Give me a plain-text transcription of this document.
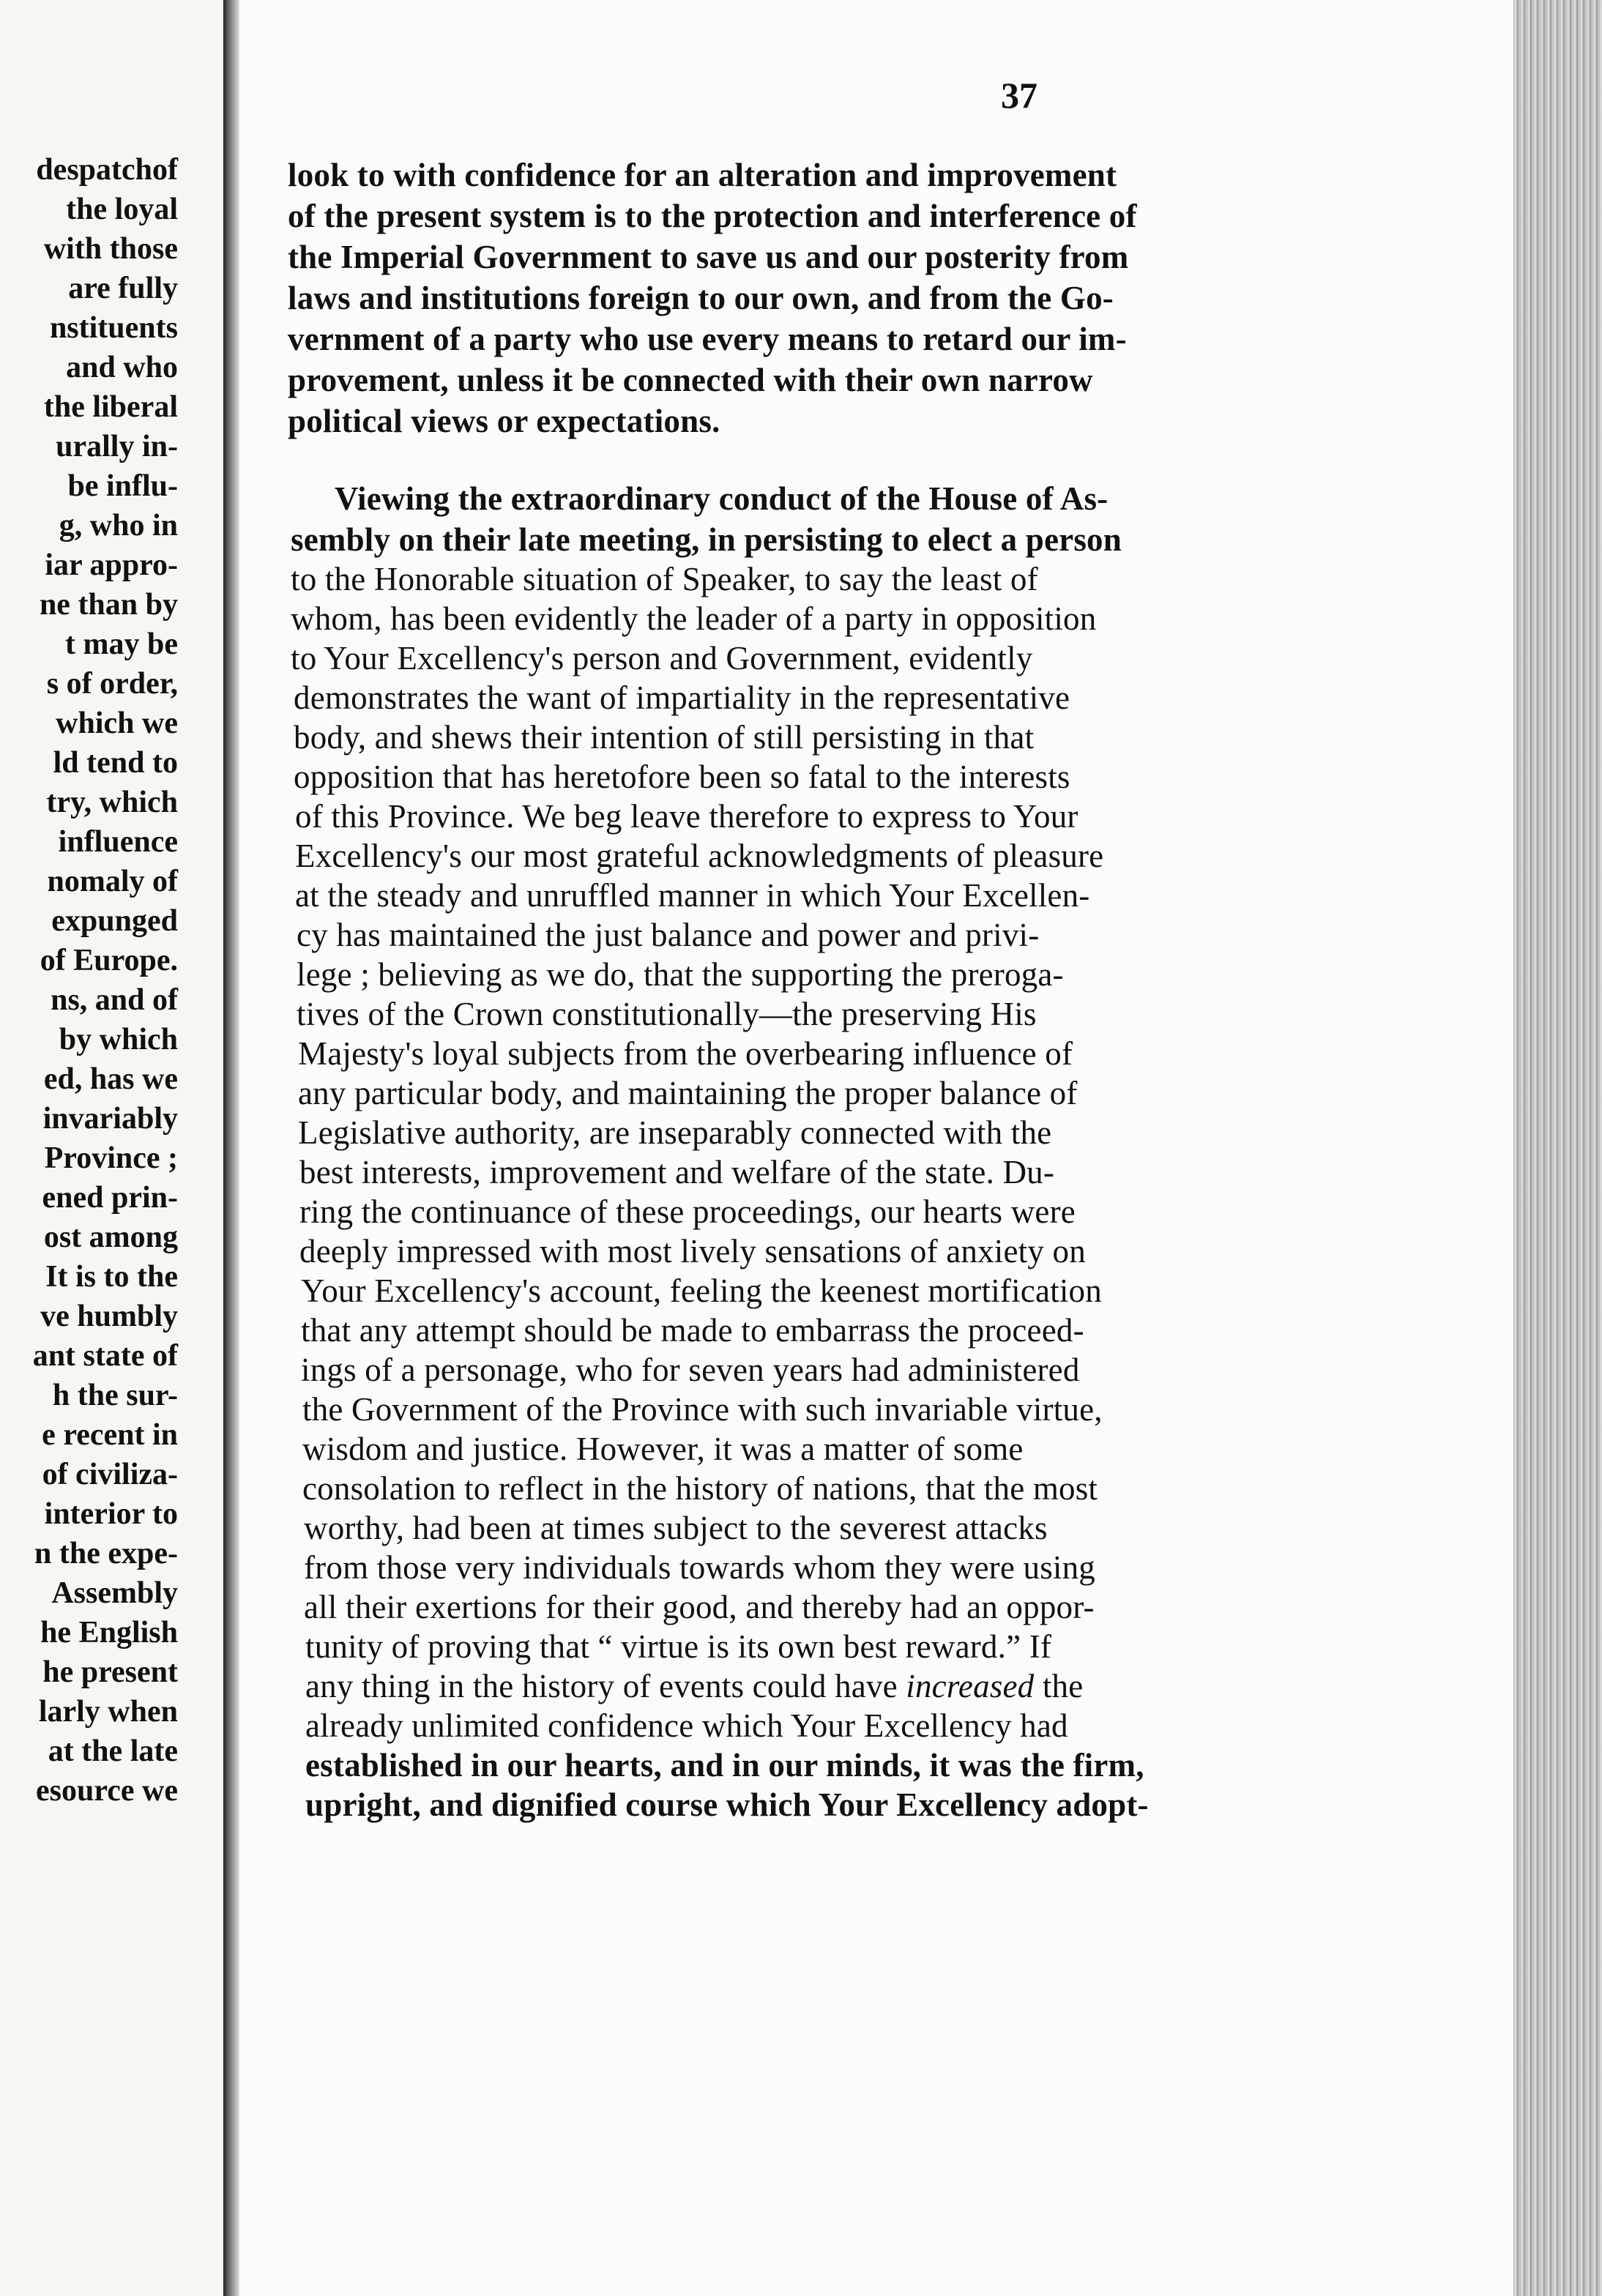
despatchof
the loyal
with those
are fully
nstituents
and who
the liberal
urally in-
be influ-
g, who in
iar appro-
ne than by
t may be
s of order,
which we
ld tend to
try, which
influence
nomaly of
expunged
of Europe.
ns, and of
by which
ed, has we
invariably
Province ;
ened prin-
ost among
It is to the
ve humbly
ant state of
h the sur-
e recent in
of civiliza-
interior to
n the expe-
Assembly
he English
he present
larly when
at the late
esource we
37
look to with confidence for an alteration and improvement
of the present system is to the protection and interference of
the Imperial Government to save us and our posterity from
laws and institutions foreign to our own, and from the Go-
vernment of a party who use every means to retard our im-
provement, unless it be connected with their own narrow
political views or expectations.
Viewing the extraordinary conduct of the House of As-
sembly on their late meeting, in persisting to elect a person
to the Honorable situation of Speaker, to say the least of
whom, has been evidently the leader of a party in opposition
to Your Excellency's person and Government, evidently
demonstrates the want of impartiality in the representative
body, and shews their intention of still persisting in that
opposition that has heretofore been so fatal to the interests
of this Province. We beg leave therefore to express to Your
Excellency's our most grateful acknowledgments of pleasure
at the steady and unruffled manner in which Your Excellen-
cy has maintained the just balance and power and privi-
lege ; believing as we do, that the supporting the preroga-
tives of the Crown constitutionally—the preserving His
Majesty's loyal subjects from the overbearing influence of
any particular body, and maintaining the proper balance of
Legislative authority, are inseparably connected with the
best interests, improvement and welfare of the state. Du-
ring the continuance of these proceedings, our hearts were
deeply impressed with most lively sensations of anxiety on
Your Excellency's account, feeling the keenest mortification
that any attempt should be made to embarrass the proceed-
ings of a personage, who for seven years had administered
the Government of the Province with such invariable virtue,
wisdom and justice. However, it was a matter of some
consolation to reflect in the history of nations, that the most
worthy, had been at times subject to the severest attacks
from those very individuals towards whom they were using
all their exertions for their good, and thereby had an oppor-
tunity of proving that “ virtue is its own best reward.” If
any thing in the history of events could have increased the
already unlimited confidence which Your Excellency had
established in our hearts, and in our minds, it was the firm,
upright, and dignified course which Your Excellency adopt-
